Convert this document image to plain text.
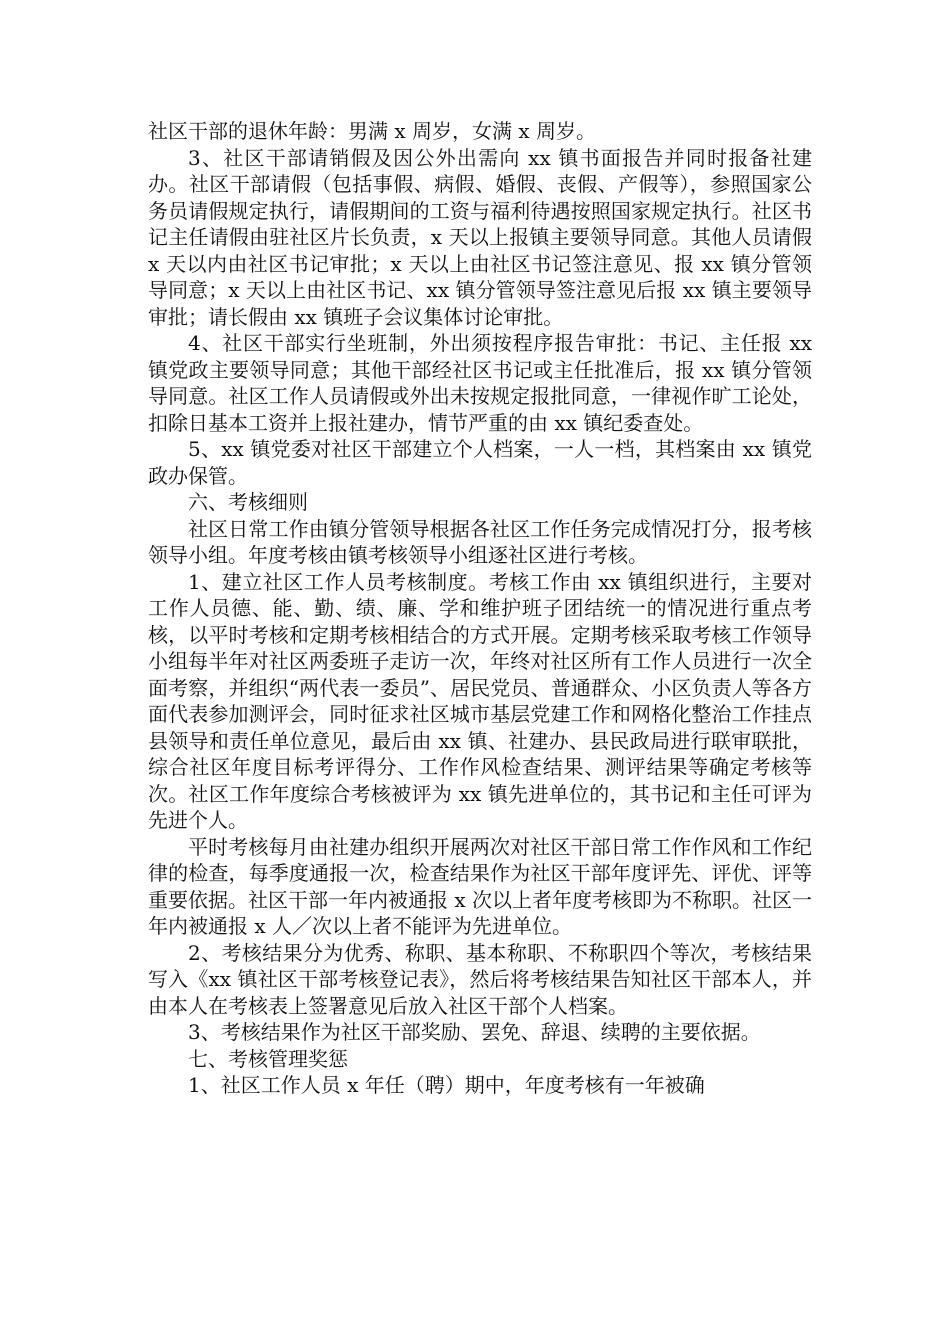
社区干部的退休年龄：男满 x 周岁，女满 x 周岁。

3、社区干部请销假及因公外出需向 xx 镇书面报告并同时报备社建办。社区干部请假（包括事假、病假、婚假、丧假、产假等），参照国家公务员请假规定执行，请假期间的工资与福利待遇按照国家规定执行。社区书记主任请假由驻社区片长负责，x 天以上报镇主要领导同意。其他人员请假 x 天以内由社区书记审批；x 天以上由社区书记签注意见、报 xx 镇分管领导同意；x 天以上由社区书记、xx 镇分管领导签注意见后报 xx 镇主要领导审批；请长假由 xx 镇班子会议集体讨论审批。

4、社区干部实行坐班制，外出须按程序报告审批：书记、主任报 xx 镇党政主要领导同意；其他干部经社区书记或主任批准后，报 xx 镇分管领导同意。社区工作人员请假或外出未按规定报批同意，一律视作旷工论处，扣除日基本工资并上报社建办，情节严重的由 xx 镇纪委查处。

5、xx 镇党委对社区干部建立个人档案，一人一档，其档案由 xx 镇党政办保管。

六、考核细则

社区日常工作由镇分管领导根据各社区工作任务完成情况打分，报考核领导小组。年度考核由镇考核领导小组逐社区进行考核。

1、建立社区工作人员考核制度。考核工作由 xx 镇组织进行，主要对工作人员德、能、勤、绩、廉、学和维护班子团结统一的情况进行重点考核，以平时考核和定期考核相结合的方式开展。定期考核采取考核工作领导小组每半年对社区两委班子走访一次，年终对社区所有工作人员进行一次全面考察，并组织“两代表一委员”、居民党员、普通群众、小区负责人等各方面代表参加测评会，同时征求社区城市基层党建工作和网格化整治工作挂点县领导和责任单位意见，最后由 xx 镇、社建办、县民政局进行联审联批，综合社区年度目标考评得分、工作作风检查结果、测评结果等确定考核等次。社区工作年度综合考核被评为 xx 镇先进单位的，其书记和主任可评为先进个人。

平时考核每月由社建办组织开展两次对社区干部日常工作作风和工作纪律的检查，每季度通报一次，检查结果作为社区干部年度评先、评优、评等重要依据。社区干部一年内被通报 x 次以上者年度考核即为不称职。社区一年内被通报 x 人／次以上者不能评为先进单位。

2、考核结果分为优秀、称职、基本称职、不称职四个等次，考核结果写入《xx 镇社区干部考核登记表》，然后将考核结果告知社区干部本人，并由本人在考核表上签署意见后放入社区干部个人档案。

3、考核结果作为社区干部奖励、罢免、辞退、续聘的主要依据。

七、考核管理奖惩

1、社区工作人员 x 年任（聘）期中，年度考核有一年被确
